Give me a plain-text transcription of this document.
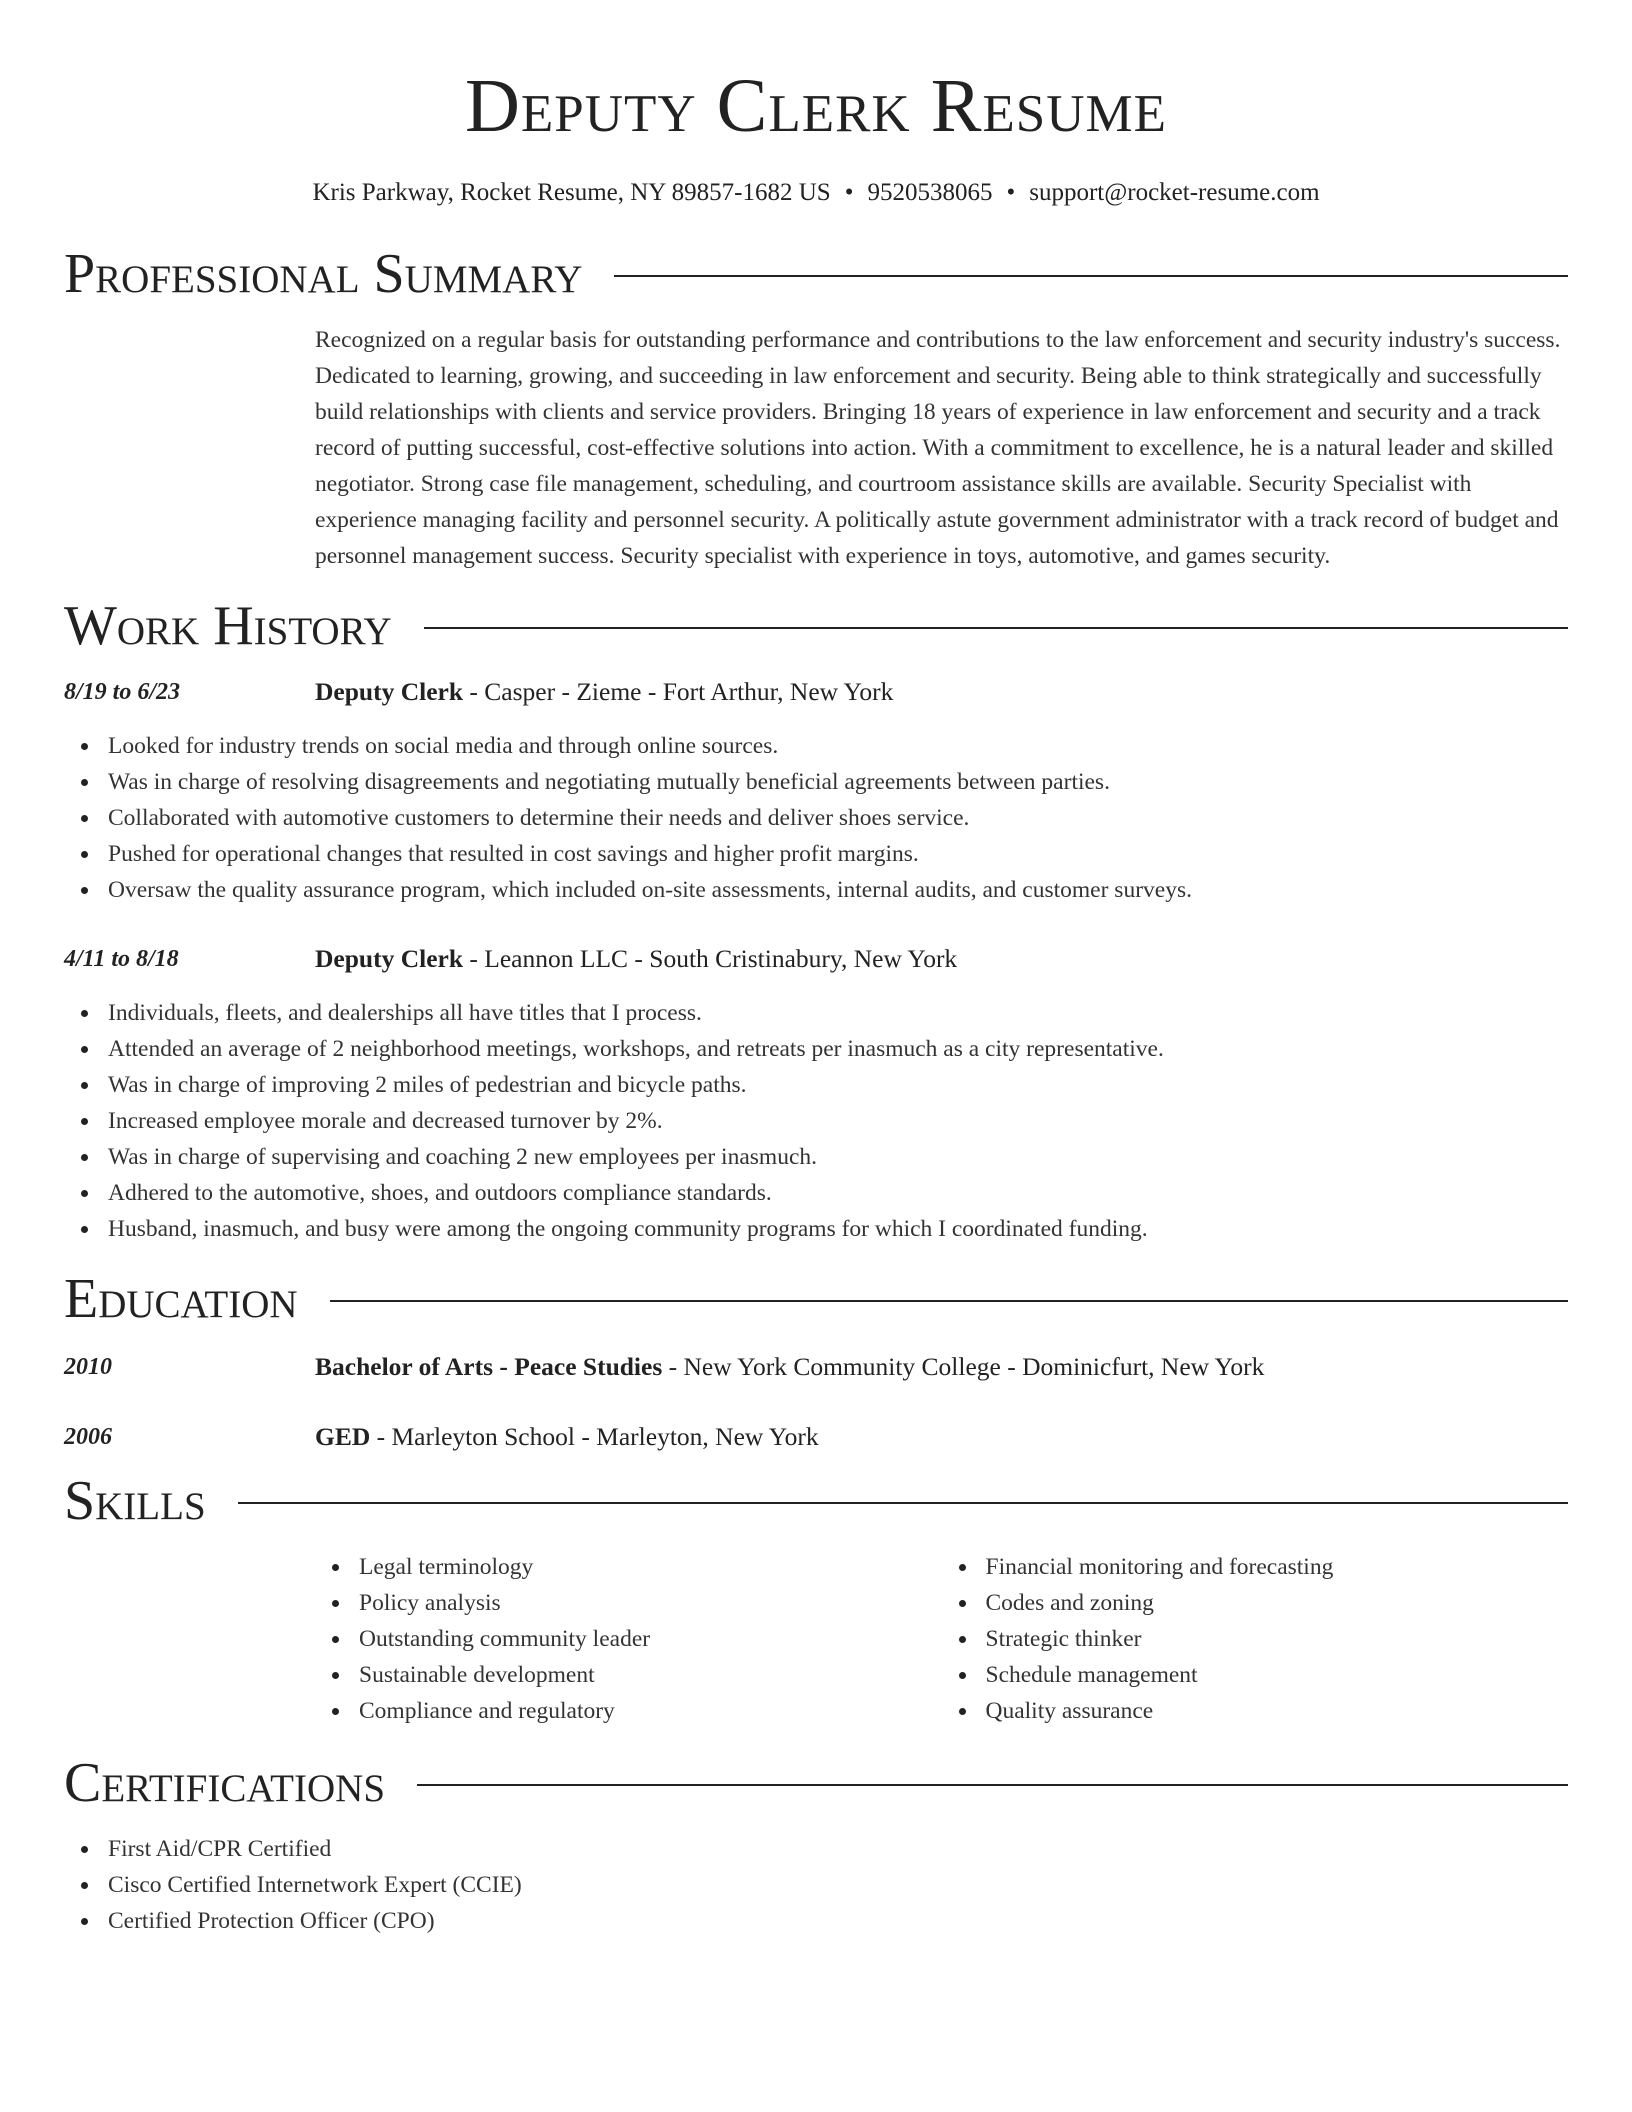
Deputy Clerk Resume
Kris Parkway, Rocket Resume, NY 89857-1682 US • 9520538065 • support@rocket-resume.com
Professional Summary
Recognized on a regular basis for outstanding performance and contributions to the law enforcement and security industry's success. Dedicated to learning, growing, and succeeding in law enforcement and security. Being able to think strategically and successfully build relationships with clients and service providers. Bringing 18 years of experience in law enforcement and security and a track record of putting successful, cost-effective solutions into action. With a commitment to excellence, he is a natural leader and skilled negotiator. Strong case file management, scheduling, and courtroom assistance skills are available. Security Specialist with experience managing facility and personnel security. A politically astute government administrator with a track record of budget and personnel management success. Security specialist with experience in toys, automotive, and games security.
Work History
8/19 to 6/23	Deputy Clerk - Casper - Zieme - Fort Arthur, New York
Looked for industry trends on social media and through online sources.
Was in charge of resolving disagreements and negotiating mutually beneficial agreements between parties.
Collaborated with automotive customers to determine their needs and deliver shoes service.
Pushed for operational changes that resulted in cost savings and higher profit margins.
Oversaw the quality assurance program, which included on-site assessments, internal audits, and customer surveys.
4/11 to 8/18	Deputy Clerk - Leannon LLC - South Cristinabury, New York
Individuals, fleets, and dealerships all have titles that I process.
Attended an average of 2 neighborhood meetings, workshops, and retreats per inasmuch as a city representative.
Was in charge of improving 2 miles of pedestrian and bicycle paths.
Increased employee morale and decreased turnover by 2%.
Was in charge of supervising and coaching 2 new employees per inasmuch.
Adhered to the automotive, shoes, and outdoors compliance standards.
Husband, inasmuch, and busy were among the ongoing community programs for which I coordinated funding.
Education
2010	Bachelor of Arts - Peace Studies - New York Community College - Dominicfurt, New York
2006	GED - Marleyton School - Marleyton, New York
Skills
Legal terminology
Policy analysis
Outstanding community leader
Sustainable development
Compliance and regulatory
Financial monitoring and forecasting
Codes and zoning
Strategic thinker
Schedule management
Quality assurance
Certifications
First Aid/CPR Certified
Cisco Certified Internetwork Expert (CCIE)
Certified Protection Officer (CPO)
